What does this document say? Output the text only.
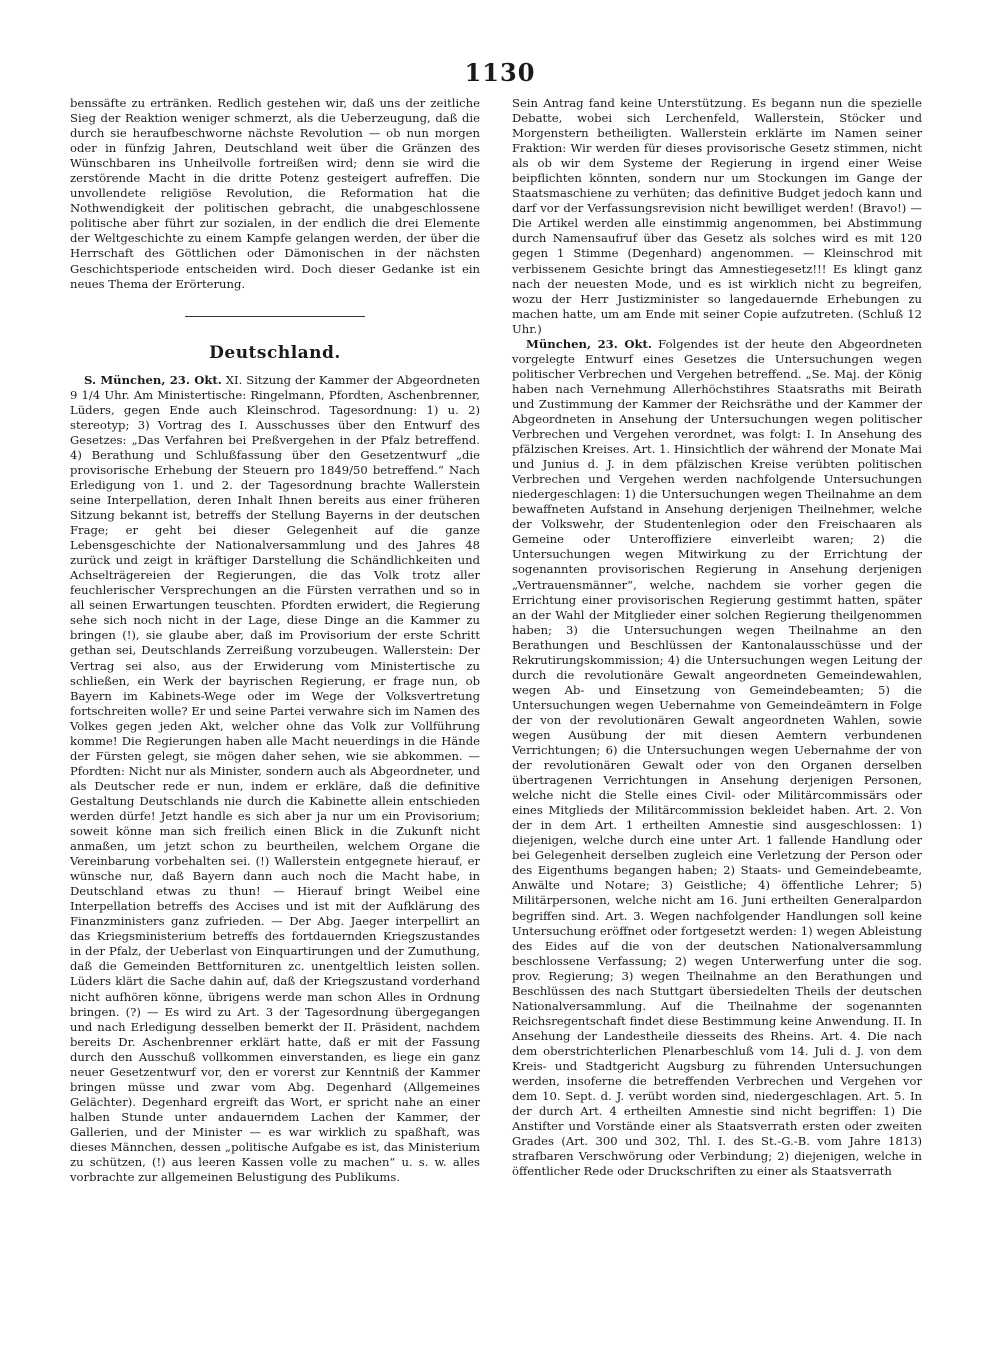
1130

benssäfte zu ertränken. Redlich gestehen wir, daß uns der zeitliche Sieg der Reaktion weniger schmerzt, als die Ueberzeugung, daß die durch sie heraufbeschworne nächste Revolution — ob nun morgen oder in fünfzig Jahren, Deutschland weit über die Gränzen des Wünschbaren ins Unheilvolle fortreißen wird; denn sie wird die zerstörende Macht in die dritte Potenz gesteigert aufreffen. Die unvollendete religiöse Revolution, die Reformation hat die Nothwendigkeit der politischen gebracht, die unabgeschlossene politische aber führt zur sozialen, in der endlich die drei Elemente der Weltgeschichte zu einem Kampfe gelangen werden, der über die Herrschaft des Göttlichen oder Dämonischen in der nächsten Geschichtsperiode entscheiden wird. Doch dieser Gedanke ist ein neues Thema der Erörterung.

Deutschland.

S. München, 23. Okt. XI. Sitzung der Kammer der Abgeordneten 9 1/4 Uhr. Am Ministertische: Ringelmann, Pfordten, Aschenbrenner, Lüders, gegen Ende auch Kleinschrod. Tagesordnung: 1) u. 2) stereotyp; 3) Vortrag des I. Ausschusses über den Entwurf des Gesetzes: „Das Verfahren bei Preßvergehen in der Pfalz betreffend. 4) Berathung und Schlußfassung über den Gesetzentwurf „die provisorische Erhebung der Steuern pro 1849/50 betreffend.“ Nach Erledigung von 1. und 2. der Tagesordnung brachte Wallerstein seine Interpellation, deren Inhalt Ihnen bereits aus einer früheren Sitzung bekannt ist, betreffs der Stellung Bayerns in der deutschen Frage; er geht bei dieser Gelegenheit auf die ganze Lebensgeschichte der Nationalversammlung und des Jahres 48 zurück und zeigt in kräftiger Darstellung die Schändlichkeiten und Achselträgereien der Regierungen, die das Volk trotz aller feuchlerischer Versprechungen an die Fürsten verrathen und so in all seinen Erwartungen teuschten. Pfordten erwidert, die Regierung sehe sich noch nicht in der Lage, diese Dinge an die Kammer zu bringen (!), sie glaube aber, daß im Provisorium der erste Schritt gethan sei, Deutschlands Zerreißung vorzubeugen. Wallerstein: Der Vertrag sei also, aus der Erwiderung vom Ministertische zu schließen, ein Werk der bayrischen Regierung, er frage nun, ob Bayern im Kabinets-Wege oder im Wege der Volksvertretung fortschreiten wolle? Er und seine Partei verwahre sich im Namen des Volkes gegen jeden Akt, welcher ohne das Volk zur Vollführung komme! Die Regierungen haben alle Macht neuerdings in die Hände der Fürsten gelegt, sie mögen daher sehen, wie sie abkommen. — Pfordten: Nicht nur als Minister, sondern auch als Abgeordneter, und als Deutscher rede er nun, indem er erkläre, daß die definitive Gestaltung Deutschlands nie durch die Kabinette allein entschieden werden dürfe! Jetzt handle es sich aber ja nur um ein Provisorium; soweit könne man sich freilich einen Blick in die Zukunft nicht anmaßen, um jetzt schon zu beurtheilen, welchem Organe die Vereinbarung vorbehalten sei. (!) Wallerstein entgegnete hierauf, er wünsche nur, daß Bayern dann auch noch die Macht habe, in Deutschland etwas zu thun! — Hierauf bringt Weibel eine Interpellation betreffs des Accises und ist mit der Aufklärung des Finanzministers ganz zufrieden. — Der Abg. Jaeger interpellirt an das Kriegsministerium betreffs des fortdauernden Kriegszustandes in der Pfalz, der Ueberlast von Einquartirungen und der Zumuthung, daß die Gemeinden Bettfornituren zc. unentgeltlich leisten sollen. Lüders klärt die Sache dahin auf, daß der Kriegszustand vorderhand nicht aufhören könne, übrigens werde man schon Alles in Ordnung bringen. (?) — Es wird zu Art. 3 der Tagesordnung übergegangen und nach Erledigung desselben bemerkt der II. Präsident, nachdem bereits Dr. Aschenbrenner erklärt hatte, daß er mit der Fassung durch den Ausschuß vollkommen einverstanden, es liege ein ganz neuer Gesetzentwurf vor, den er vorerst zur Kenntniß der Kammer bringen müsse und zwar vom Abg. Degenhard (Allgemeines Gelächter). Degenhard ergreift das Wort, er spricht nahe an einer halben Stunde unter andauerndem Lachen der Kammer, der Gallerien, und der Minister — es war wirklich zu spaßhaft, was dieses Männchen, dessen „politische Aufgabe es ist, das Ministerium zu schützen, (!) aus leeren Kassen volle zu machen“ u. s. w. alles vorbrachte zur allgemeinen Belustigung des Publikums.

Sein Antrag fand keine Unterstützung. Es begann nun die spezielle Debatte, wobei sich Lerchenfeld, Wallerstein, Stöcker und Morgenstern betheiligten. Wallerstein erklärte im Namen seiner Fraktion: Wir werden für dieses provisorische Gesetz stimmen, nicht als ob wir dem Systeme der Regierung in irgend einer Weise beipflichten könnten, sondern nur um Stockungen im Gange der Staatsmaschiene zu verhüten; das definitive Budget jedoch kann und darf vor der Verfassungsrevision nicht bewilliget werden! (Bravo!) — Die Artikel werden alle einstimmig angenommen, bei Abstimmung durch Namensaufruf über das Gesetz als solches wird es mit 120 gegen 1 Stimme (Degenhard) angenommen. — Kleinschrod mit verbissenem Gesichte bringt das Amnestiegesetz!!! Es klingt ganz nach der neuesten Mode, und es ist wirklich nicht zu begreifen, wozu der Herr Justizminister so langedauernde Erhebungen zu machen hatte, um am Ende mit seiner Copie aufzutreten. (Schluß 12 Uhr.)

München, 23. Okt. Folgendes ist der heute den Abgeordneten vorgelegte Entwurf eines Gesetzes die Untersuchungen wegen politischer Verbrechen und Vergehen betreffend. „Se. Maj. der König haben nach Vernehmung Allerhöchstihres Staatsraths mit Beirath und Zustimmung der Kammer der Reichsräthe und der Kammer der Abgeordneten in Ansehung der Untersuchungen wegen politischer Verbrechen und Vergehen verordnet, was folgt: I. In Ansehung des pfälzischen Kreises. Art. 1. Hinsichtlich der während der Monate Mai und Junius d. J. in dem pfälzischen Kreise verübten politischen Verbrechen und Vergehen werden nachfolgende Untersuchungen niedergeschlagen: 1) die Untersuchungen wegen Theilnahme an dem bewaffneten Aufstand in Ansehung derjenigen Theilnehmer, welche der Volkswehr, der Studentenlegion oder den Freischaaren als Gemeine oder Unteroffiziere einverleibt waren; 2) die Untersuchungen wegen Mitwirkung zu der Errichtung der sogenannten provisorischen Regierung in Ansehung derjenigen „Vertrauensmänner“, welche, nachdem sie vorher gegen die Errichtung einer provisorischen Regierung gestimmt hatten, später an der Wahl der Mitglieder einer solchen Regierung theilgenommen haben; 3) die Untersuchungen wegen Theilnahme an den Berathungen und Beschlüssen der Kantonalausschüsse und der Rekrutirungskommission; 4) die Untersuchungen wegen Leitung der durch die revolutionäre Gewalt angeordneten Gemeindewahlen, wegen Ab- und Einsetzung von Gemeindebeamten; 5) die Untersuchungen wegen Uebernahme von Gemeindeämtern in Folge der von der revolutionären Gewalt angeordneten Wahlen, sowie wegen Ausübung der mit diesen Aemtern verbundenen Verrichtungen; 6) die Untersuchungen wegen Uebernahme der von der revolutionären Gewalt oder von den Organen derselben übertragenen Verrichtungen in Ansehung derjenigen Personen, welche nicht die Stelle eines Civil- oder Militärcommissärs oder eines Mitglieds der Militärcommission bekleidet haben. Art. 2. Von der in dem Art. 1 ertheilten Amnestie sind ausgeschlossen: 1) diejenigen, welche durch eine unter Art. 1 fallende Handlung oder bei Gelegenheit derselben zugleich eine Verletzung der Person oder des Eigenthums begangen haben; 2) Staats- und Gemeindebeamte, Anwälte und Notare; 3) Geistliche; 4) öffentliche Lehrer; 5) Militärpersonen, welche nicht am 16. Juni ertheilten Generalpardon begriffen sind. Art. 3. Wegen nachfolgender Handlungen soll keine Untersuchung eröffnet oder fortgesetzt werden: 1) wegen Ableistung des Eides auf die von der deutschen Nationalversammlung beschlossene Verfassung; 2) wegen Unterwerfung unter die sog. prov. Regierung; 3) wegen Theilnahme an den Berathungen und Beschlüssen des nach Stuttgart übersiedelten Theils der deutschen Nationalversammlung. Auf die Theilnahme der sogenannten Reichsregentschaft findet diese Bestimmung keine Anwendung. II. In Ansehung der Landestheile diesseits des Rheins. Art. 4. Die nach dem oberstrichterlichen Plenarbeschluß vom 14. Juli d. J. von dem Kreis- und Stadtgericht Augsburg zu führenden Untersuchungen werden, insoferne die betreffenden Verbrechen und Vergehen vor dem 10. Sept. d. J. verübt worden sind, niedergeschlagen. Art. 5. In der durch Art. 4 ertheilten Amnestie sind nicht begriffen: 1) Die Anstifter und Vorstände einer als Staatsverrath ersten oder zweiten Grades (Art. 300 und 302, Thl. I. des St.-G.-B. vom Jahre 1813) strafbaren Verschwörung oder Verbindung; 2) diejenigen, welche in öffentlicher Rede oder Druckschriften zu einer als Staatsverrath
